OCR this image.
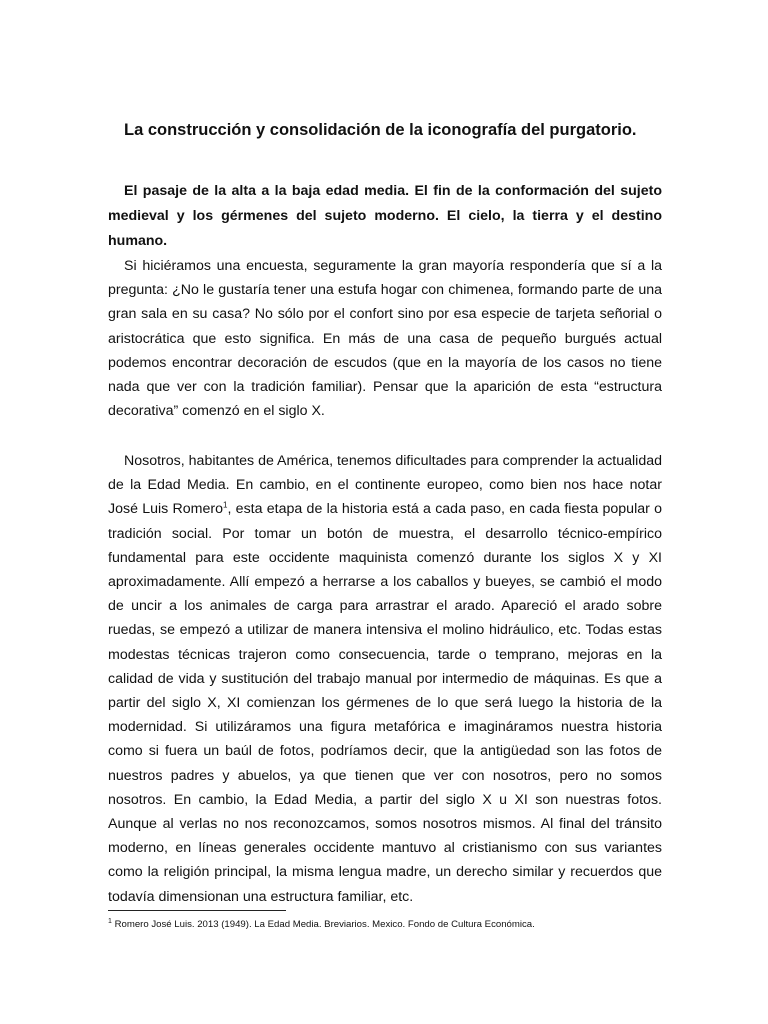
La construcción y consolidación de la iconografía del purgatorio.

El pasaje de la alta a la baja edad media. El fin de la conformación del sujeto medieval y los gérmenes del sujeto moderno. El cielo, la tierra y el destino humano.

Si hiciéramos una encuesta, seguramente la gran mayoría respondería que sí a la pregunta: ¿No le gustaría tener una estufa hogar con chimenea, formando parte de una gran sala en su casa? No sólo por el confort sino por esa especie de tarjeta señorial o aristocrática que esto significa. En más de una casa de pequeño burgués actual podemos encontrar decoración de escudos (que en la mayoría de los casos no tiene nada que ver con la tradición familiar). Pensar que la aparición de esta “estructura decorativa” comenzó en el siglo X.

Nosotros, habitantes de América, tenemos dificultades para comprender la actualidad de la Edad Media. En cambio, en el continente europeo, como bien nos hace notar José Luis Romero$^1$, esta etapa de la historia está a cada paso, en cada fiesta popular o tradición social. Por tomar un botón de muestra, el desarrollo técnico-empírico fundamental para este occidente maquinista comenzó durante los siglos X y XI aproximadamente. Allí empezó a herrarse a los caballos y bueyes, se cambió el modo de uncir a los animales de carga para arrastrar el arado. Apareció el arado sobre ruedas, se empezó a utilizar de manera intensiva el molino hidráulico, etc. Todas estas modestas técnicas trajeron como consecuencia, tarde o temprano, mejoras en la calidad de vida y sustitución del trabajo manual por intermedio de máquinas. Es que a partir del siglo X, XI comienzan los gérmenes de lo que será luego la historia de la modernidad. Si utilizáramos una figura metafórica e imagináramos nuestra historia como si fuera un baúl de fotos, podríamos decir, que la antigüedad son las fotos de nuestros padres y abuelos, ya que tienen que ver con nosotros, pero no somos nosotros. En cambio, la Edad Media, a partir del siglo X u XI son nuestras fotos. Aunque al verlas no nos reconozcamos, somos nosotros mismos. Al final del tránsito moderno, en líneas generales occidente mantuvo al cristianismo con sus variantes como la religión principal, la misma lengua madre, un derecho similar y recuerdos que todavía dimensionan una estructura familiar, etc.

$^1$ Romero José Luis. 2013 (1949). La Edad Media. Breviarios. Mexico. Fondo de Cultura Económica.
